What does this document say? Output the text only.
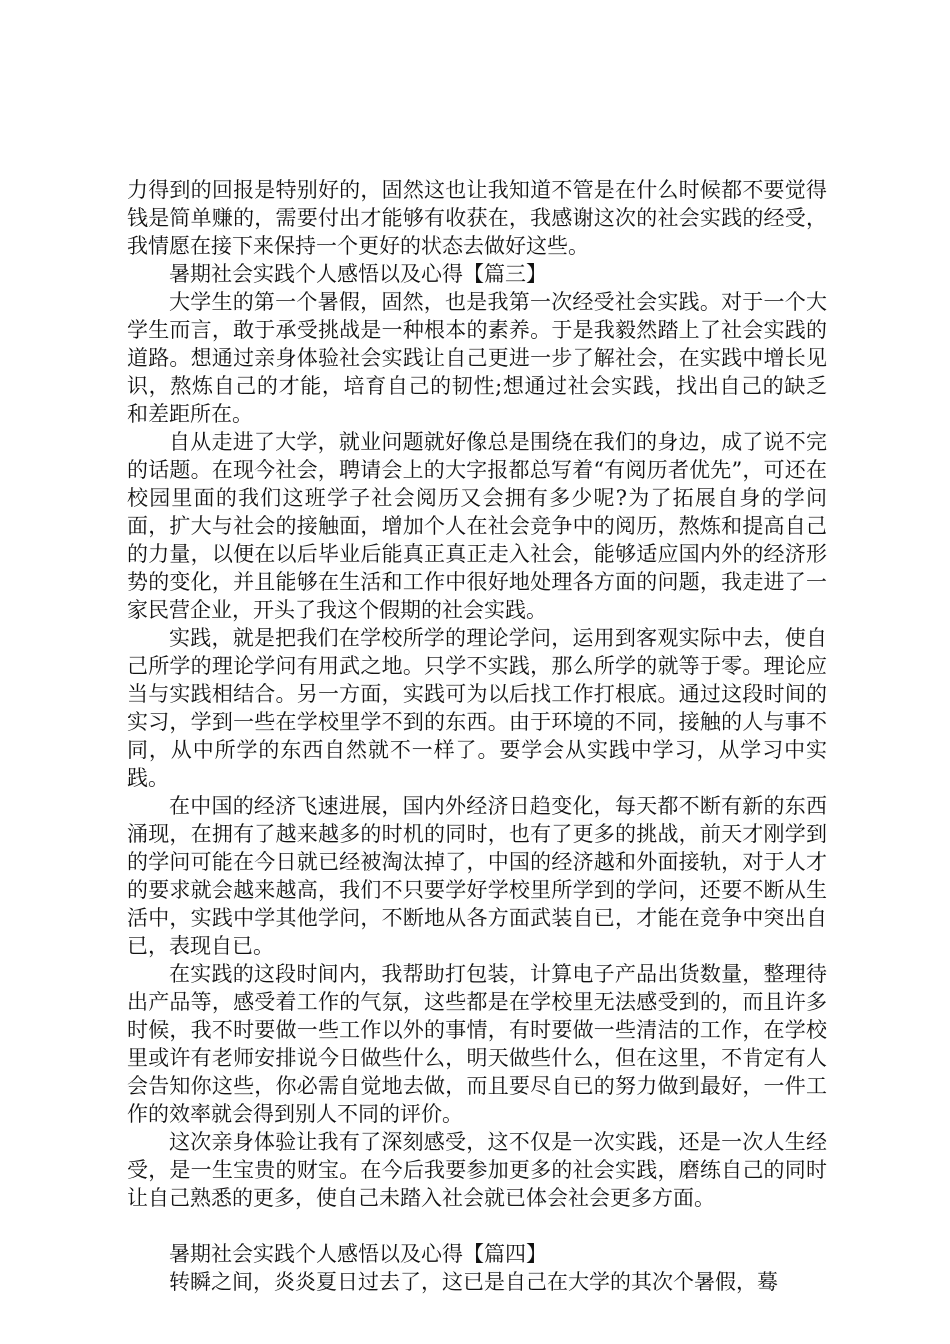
力得到的回报是特别好的，固然这也让我知道不管是在什么时候都不要觉得钱是简单赚的，需要付出才能够有收获在，我感谢这次的社会实践的经受，我情愿在接下来保持一个更好的状态去做好这些。

暑期社会实践个人感悟以及心得【篇三】

大学生的第一个暑假，固然，也是我第一次经受社会实践。对于一个大学生而言，敢于承受挑战是一种根本的素养。于是我毅然踏上了社会实践的道路。想通过亲身体验社会实践让自己更进一步了解社会，在实践中增长见识，熬炼自己的才能，培育自己的韧性;想通过社会实践，找出自己的缺乏和差距所在。

自从走进了大学，就业问题就好像总是围绕在我们的身边，成了说不完的话题。在现今社会，聘请会上的大字报都总写着“有阅历者优先”，可还在校园里面的我们这班学子社会阅历又会拥有多少呢?为了拓展自身的学问面，扩大与社会的接触面，增加个人在社会竞争中的阅历，熬炼和提高自己的力量，以便在以后毕业后能真正真正走入社会，能够适应国内外的经济形势的变化，并且能够在生活和工作中很好地处理各方面的问题，我走进了一家民营企业，开头了我这个假期的社会实践。

实践，就是把我们在学校所学的理论学问，运用到客观实际中去，使自己所学的理论学问有用武之地。只学不实践，那么所学的就等于零。理论应当与实践相结合。另一方面，实践可为以后找工作打根底。通过这段时间的实习，学到一些在学校里学不到的东西。由于环境的不同，接触的人与事不同，从中所学的东西自然就不一样了。要学会从实践中学习，从学习中实践。

在中国的经济飞速进展，国内外经济日趋变化，每天都不断有新的东西涌现，在拥有了越来越多的时机的同时，也有了更多的挑战，前天才刚学到的学问可能在今日就已经被淘汰掉了，中国的经济越和外面接轨，对于人才的要求就会越来越高，我们不只要学好学校里所学到的学问，还要不断从生活中，实践中学其他学问，不断地从各方面武装自已，才能在竞争中突出自已，表现自已。

在实践的这段时间内，我帮助打包装，计算电子产品出货数量，整理待出产品等，感受着工作的气氛，这些都是在学校里无法感受到的，而且许多时候，我不时要做一些工作以外的事情，有时要做一些清洁的工作，在学校里或许有老师安排说今日做些什么，明天做些什么，但在这里，不肯定有人会告知你这些，你必需自觉地去做，而且要尽自已的努力做到最好，一件工作的效率就会得到别人不同的评价。

这次亲身体验让我有了深刻感受，这不仅是一次实践，还是一次人生经受，是一生宝贵的财宝。在今后我要参加更多的社会实践，磨练自己的同时让自己熟悉的更多，使自己未踏入社会就已体会社会更多方面。

暑期社会实践个人感悟以及心得【篇四】

转瞬之间，炎炎夏日过去了，这已是自己在大学的其次个暑假，蓦
